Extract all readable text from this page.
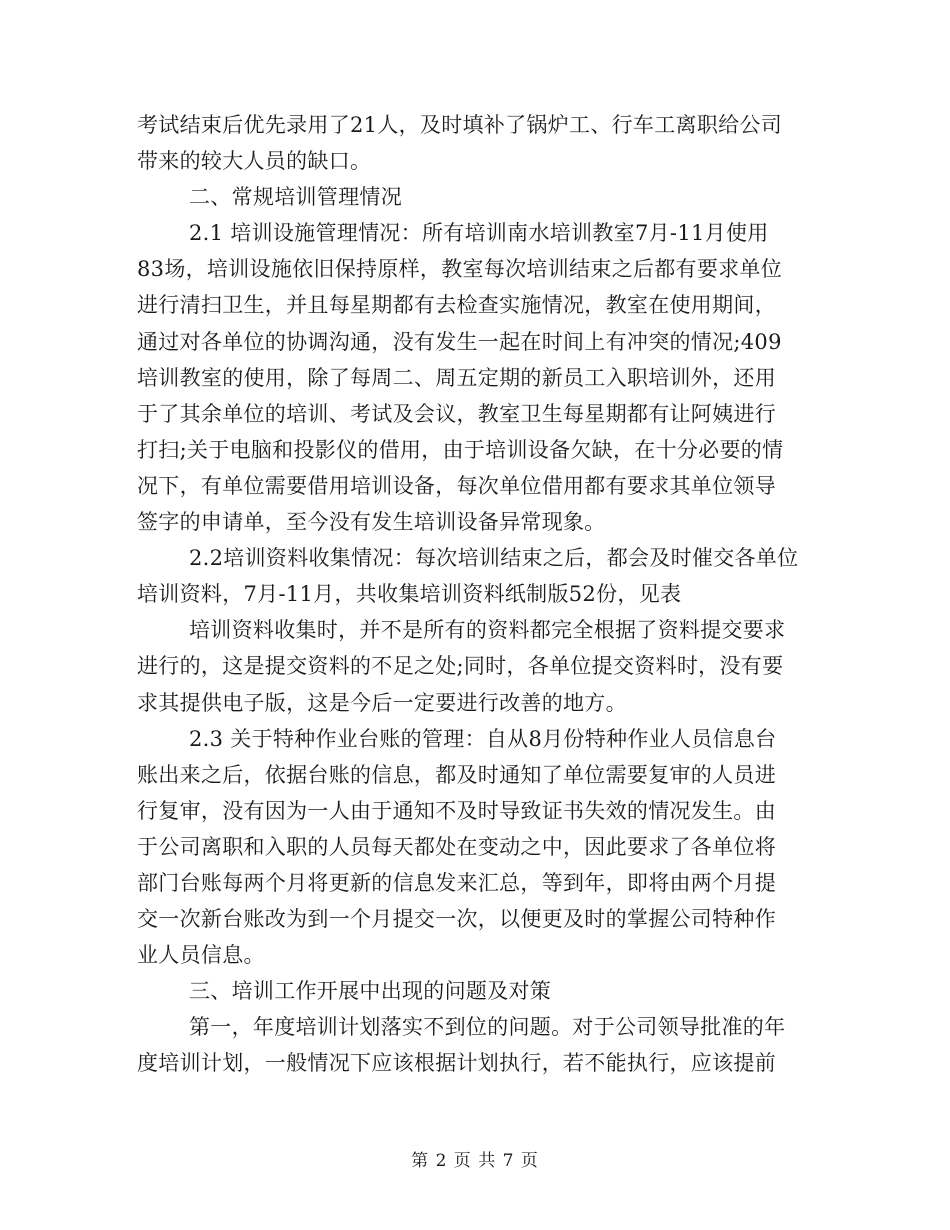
考试结束后优先录用了21人，及时填补了锅炉工、行车工离职给公司
带来的较大人员的缺口。
二、常规培训管理情况
2.1 培训设施管理情况：所有培训南水培训教室7月-11月使用
83场，培训设施依旧保持原样，教室每次培训结束之后都有要求单位
进行清扫卫生，并且每星期都有去检查实施情况，教室在使用期间，
通过对各单位的协调沟通，没有发生一起在时间上有冲突的情况;409
培训教室的使用，除了每周二、周五定期的新员工入职培训外，还用
于了其余单位的培训、考试及会议，教室卫生每星期都有让阿姨进行
打扫;关于电脑和投影仪的借用，由于培训设备欠缺，在十分必要的情
况下，有单位需要借用培训设备，每次单位借用都有要求其单位领导
签字的申请单，至今没有发生培训设备异常现象。
2.2培训资料收集情况：每次培训结束之后，都会及时催交各单位
培训资料，7月-11月，共收集培训资料纸制版52份，见表
培训资料收集时，并不是所有的资料都完全根据了资料提交要求
进行的，这是提交资料的不足之处;同时，各单位提交资料时，没有要
求其提供电子版，这是今后一定要进行改善的地方。
2.3 关于特种作业台账的管理：自从8月份特种作业人员信息台
账出来之后，依据台账的信息，都及时通知了单位需要复审的人员进
行复审，没有因为一人由于通知不及时导致证书失效的情况发生。由
于公司离职和入职的人员每天都处在变动之中，因此要求了各单位将
部门台账每两个月将更新的信息发来汇总，等到年，即将由两个月提
交一次新台账改为到一个月提交一次，以便更及时的掌握公司特种作
业人员信息。
三、培训工作开展中出现的问题及对策
第一，年度培训计划落实不到位的问题。对于公司领导批准的年
度培训计划，一般情况下应该根据计划执行，若不能执行，应该提前
第 2 页 共 7 页
